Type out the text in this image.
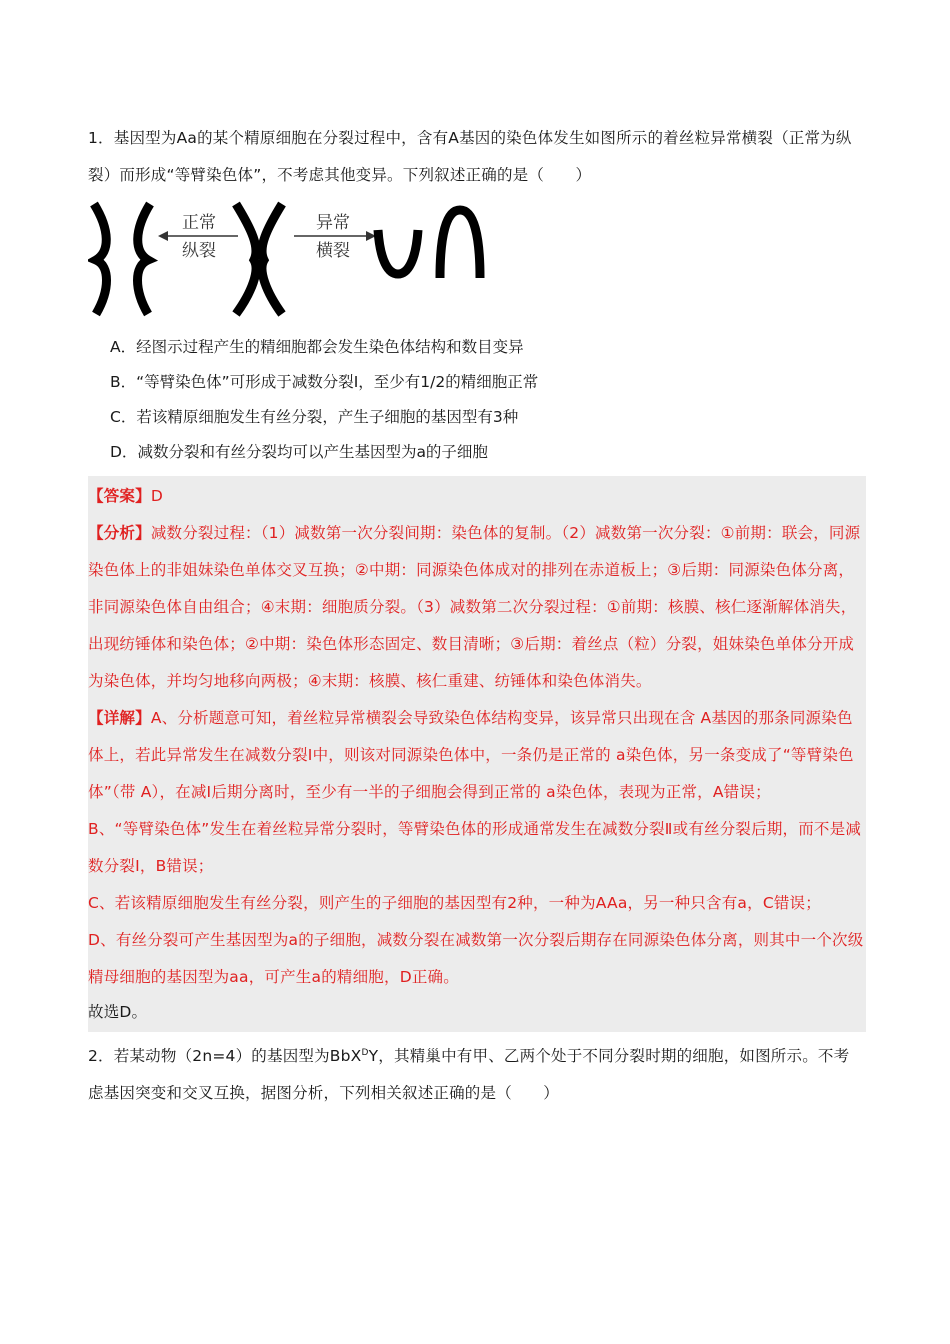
1．基因型为Aa的某个精原细胞在分裂过程中，含有A基因的染色体发生如图所示的着丝粒异常横裂（正常为纵裂）而形成“等臂染色体”，不考虑其他变异。下列叙述正确的是（　　）

正常
纵裂
异常
横裂

A．经图示过程产生的精细胞都会发生染色体结构和数目变异

B．“等臂染色体”可形成于减数分裂Ⅰ，至少有1/2的精细胞正常

C．若该精原细胞发生有丝分裂，产生子细胞的基因型有3种

D．减数分裂和有丝分裂均可以产生基因型为a的子细胞

【答案】D

【分析】减数分裂过程：（1）减数第一次分裂间期：染色体的复制。（2）减数第一次分裂：①前期：联会，同源染色体上的非姐妹染色单体交叉互换；②中期：同源染色体成对的排列在赤道板上；③后期：同源染色体分离，非同源染色体自由组合；④末期：细胞质分裂。（3）减数第二次分裂过程：①前期：核膜、核仁逐渐解体消失，出现纺锤体和染色体；②中期：染色体形态固定、数目清晰；③后期：着丝点（粒）分裂，姐妹染色单体分开成为染色体，并均匀地移向两极；④末期：核膜、核仁重建、纺锤体和染色体消失。

【详解】A、分析题意可知，着丝粒异常横裂会导致染色体结构变异，该异常只出现在含 A基因的那条同源染色体上，若此异常发生在减数分裂Ⅰ中，则该对同源染色体中，一条仍是正常的 a染色体，另一条变成了“等臂染色体”（带 A），在减Ⅰ后期分离时，至少有一半的子细胞会得到正常的 a染色体，表现为正常，A错误；

B、“等臂染色体”发生在着丝粒异常分裂时，等臂染色体的形成通常发生在减数分裂Ⅱ或有丝分裂后期，而不是减数分裂Ⅰ，B错误；

C、若该精原细胞发生有丝分裂，则产生的子细胞的基因型有2种，一种为AAa，另一种只含有a，C错误；

D、有丝分裂可产生基因型为a的子细胞，减数分裂在减数第一次分裂后期存在同源染色体分离，则其中一个次级精母细胞的基因型为aa，可产生a的精细胞，D正确。

故选D。

2．若某动物（2n=4）的基因型为BbX$^D$Y，其精巢中有甲、乙两个处于不同分裂时期的细胞，如图所示。不考虑基因突变和交叉互换，据图分析，下列相关叙述正确的是（　　）
